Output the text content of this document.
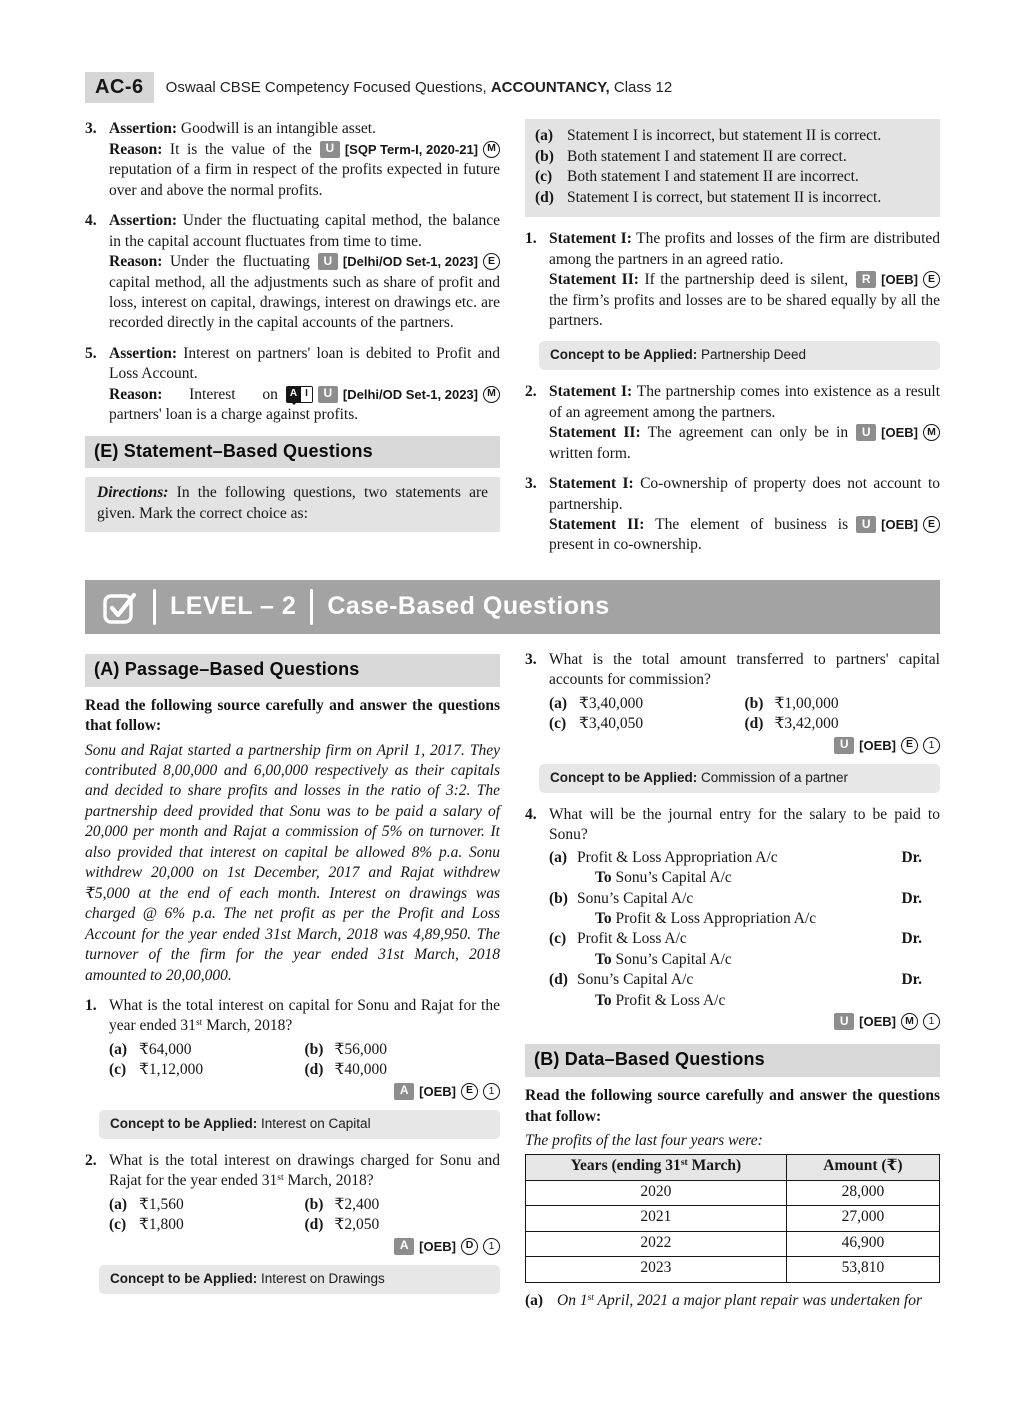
AC-6	Oswaal CBSE Competency Focused Questions, ACCOUNTANCY, Class 12
3. Assertion: Goodwill is an intangible asset.

U [SQP Term-I, 2020-21] M
Reason: It is the value of the reputation of a firm in respect of the profits expected in future over and above the normal profits.

4. Assertion: Under the fluctuating capital method, the balance in the capital account fluctuates from time to time.

U [Delhi/OD Set-1, 2023] E
Reason: Under the fluctuating capital method, all the adjustments such as share of profit and loss, interest on capital, drawings, interest on drawings etc. are recorded directly in the capital accounts of the partners.

5. Assertion: Interest on partners' loan is debited to Profit and Loss Account.

A I	U [Delhi/OD Set-1, 2023] M
Reason: Interest on partners' loan is a charge against profits.

(E) Statement–Based Questions
Directions: In the following questions, two statements are given. Mark the correct choice as:
(a) Statement I is incorrect, but statement II is correct.
(b) Both statement I and statement II are correct.
(c) Both statement I and statement II are incorrect.
(d) Statement I is correct, but statement II is incorrect.
1. Statement I: The profits and losses of the firm are distributed among the partners in an agreed ratio.

R [OEB] E
Statement II: If the partnership deed is silent, the firm’s profits and losses are to be shared equally by all the partners.

Concept to be Applied: Partnership Deed
2. Statement I: The partnership comes into existence as a result of an agreement among the partners.

U [OEB] M
Statement II: The agreement can only be in written form.

3. Statement I: Co-ownership of property does not account to partnership.

U [OEB] E
Statement II: The element of business is present in co-ownership.

LEVEL – 2 Case-Based Questions
(A) Passage–Based Questions

Read the following source carefully and answer the questions that follow:

Sonu and Rajat started a partnership firm on April 1, 2017. They contributed 8,00,000 and 6,00,000 respectively as their capitals and decided to share profits and losses in the ratio of 3:2. The partnership deed provided that Sonu was to be paid a salary of 20,000 per month and Rajat a commission of 5% on turnover. It also provided that interest on capital be allowed 8% p.a. Sonu withdrew 20,000 on 1st December, 2017 and Rajat withdrew ₹5,000 at the end of each month. Interest on drawings was charged @ 6% p.a. The net profit as per the Profit and Loss Account for the year ended 31st March, 2018 was 4,89,950. The turnover of the firm for the year ended 31st March, 2018 amounted to 20,00,000.

1. What is the total interest on capital for Sonu and Rajat for the year ended 31st March, 2018?

(a) ₹64,000	(b) ₹56,000
(c) ₹1,12,000	(d) ₹40,000
A [OEB] E	1
Concept to be Applied: Interest on Capital
2. What is the total interest on drawings charged for Sonu and Rajat for the year ended 31st March, 2018?

(a) ₹1,560	(b) ₹2,400
(c) ₹1,800	(d) ₹2,050
A [OEB] D	1
Concept to be Applied: Interest on Drawings
3. What is the total amount transferred to partners' capital accounts for commission?

(a) ₹3,40,000	(b) ₹1,00,000
(c) ₹3,40,050	(d) ₹3,42,000
U [OEB] E	1
Concept to be Applied: Commission of a partner
4. What will be the journal entry for the salary to be paid to Sonu?

(a) Profit & Loss Appropriation A/c	Dr.
To Sonu’s Capital A/c
(b) Sonu’s Capital A/c	Dr.
To Profit & Loss Appropriation A/c
(c) Profit & Loss A/c	Dr.
To Sonu’s Capital A/c
(d) Sonu’s Capital A/c	Dr.
To Profit & Loss A/c
U [OEB] M	1
(B) Data–Based Questions

Read the following source carefully and answer the questions that follow:

The profits of the last four years were:

Years (ending 31st March)	Amount (₹)
2020	28,000
2021	27,000
2022	46,900
2023	53,810
(a) On 1st April, 2021 a major plant repair was undertaken for
